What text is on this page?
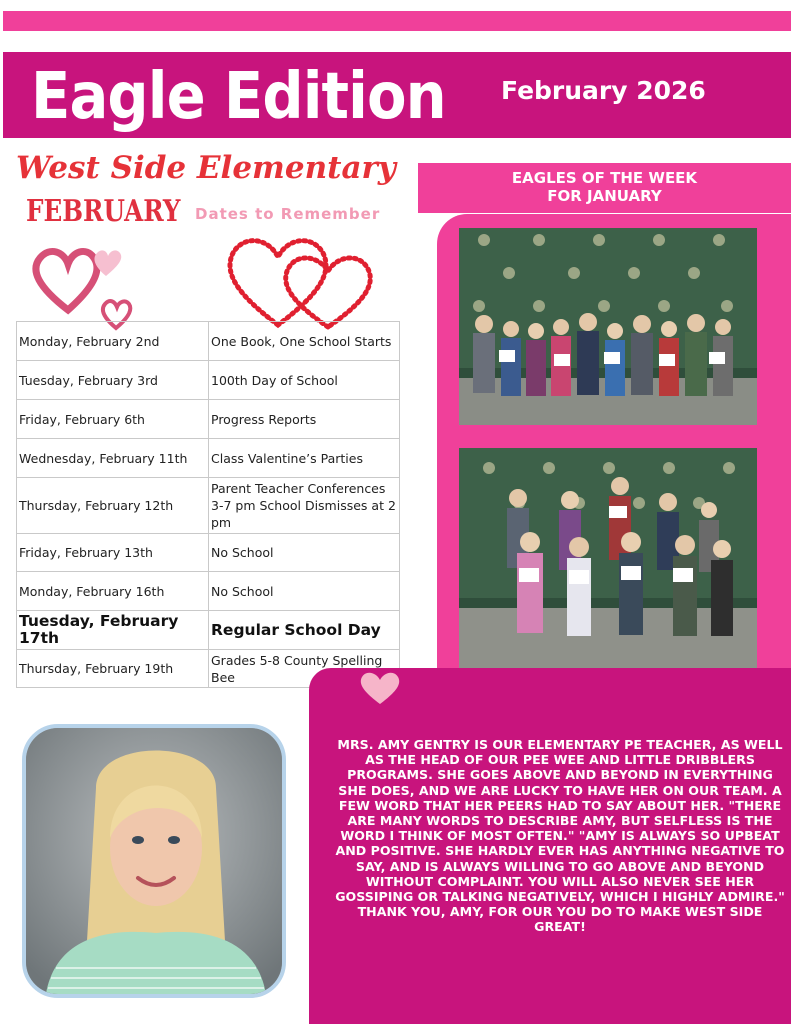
Eagle Edition February 2026
West Side Elementary
FEBRUARY Dates to Remember
Monday, February 2nd	One Book, One School Starts
Tuesday, February 3rd	100th Day of School
Friday, February 6th	Progress Reports
Wednesday, February 11th	Class Valentine’s Parties
Thursday, February 12th	Parent Teacher Conferences 3-7 pm School Dismisses at 2 pm
Friday, February 13th	No School
Monday, February 16th	No School
Tuesday, February 17th	Regular School Day
Thursday, February 19th	Grades 5-8 County Spelling Bee
EAGLES OF THE WEEK
FOR JANUARY
MRS. AMY GENTRY IS OUR ELEMENTARY PE TEACHER, AS WELL AS THE HEAD OF OUR PEE WEE AND LITTLE DRIBBLERS PROGRAMS. SHE GOES ABOVE AND BEYOND IN EVERYTHING SHE DOES, AND WE ARE LUCKY TO HAVE HER ON OUR TEAM. A FEW WORD THAT HER PEERS HAD TO SAY ABOUT HER. "THERE ARE MANY WORDS TO DESCRIBE AMY, BUT SELFLESS IS THE WORD I THINK OF MOST OFTEN." "AMY IS ALWAYS SO UPBEAT AND POSITIVE. SHE HARDLY EVER HAS ANYTHING NEGATIVE TO SAY, AND IS ALWAYS WILLING TO GO ABOVE AND BEYOND WITHOUT COMPLAINT. YOU WILL ALSO NEVER SEE HER GOSSIPING OR TALKING NEGATIVELY, WHICH I HIGHLY ADMIRE."
THANK YOU, AMY, FOR OUR YOU DO TO MAKE WEST SIDE GREAT!
